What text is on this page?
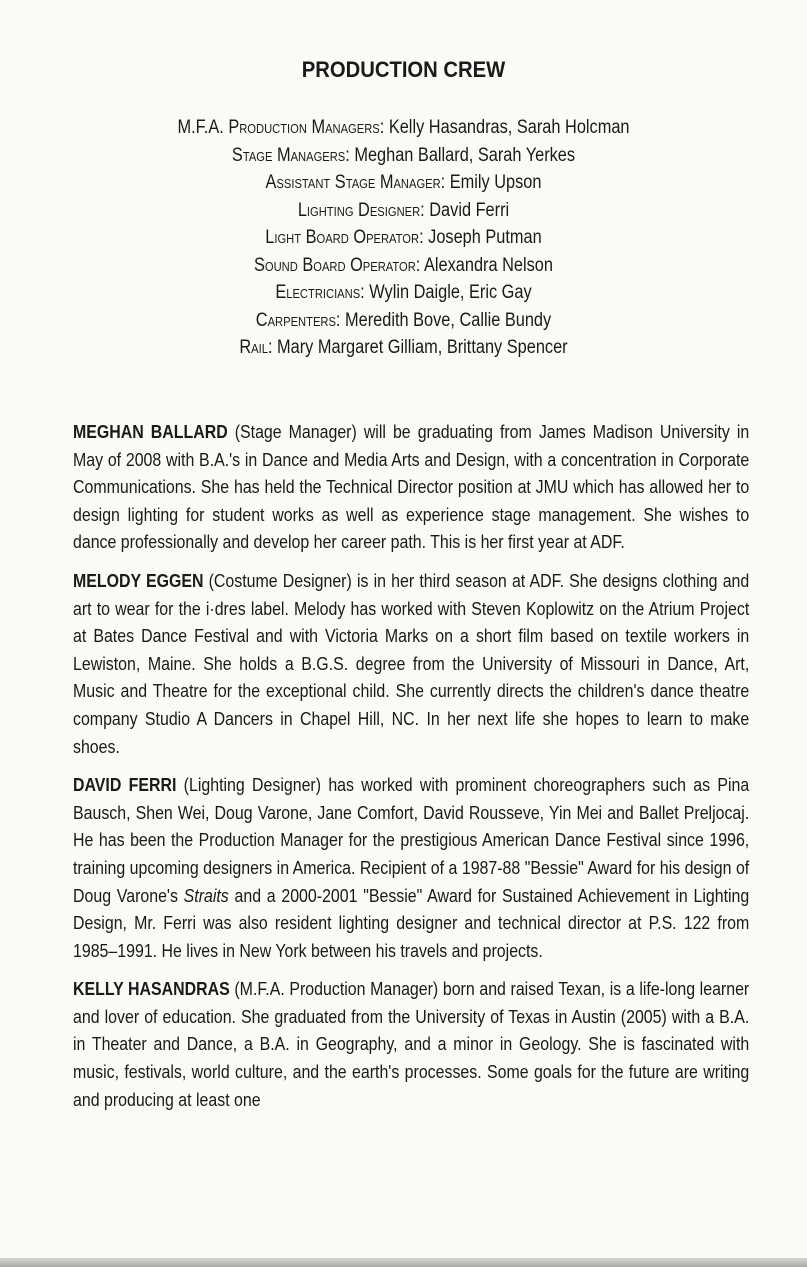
PRODUCTION CREW
M.F.A. Production Managers: Kelly Hasandras, Sarah Holcman
Stage Managers: Meghan Ballard, Sarah Yerkes
Assistant Stage Manager: Emily Upson
Lighting Designer: David Ferri
Light Board Operator: Joseph Putman
Sound Board Operator: Alexandra Nelson
Electricians: Wylin Daigle, Eric Gay
Carpenters: Meredith Bove, Callie Bundy
Rail: Mary Margaret Gilliam, Brittany Spencer

MEGHAN BALLARD (Stage Manager) will be graduating from James Madison University in May of 2008 with B.A.'s in Dance and Media Arts and Design, with a concentration in Corporate Communications. She has held the Technical Director position at JMU which has allowed her to design lighting for student works as well as experience stage management. She wishes to dance professionally and develop her career path. This is her first year at ADF.

MELODY EGGEN (Costume Designer) is in her third season at ADF. She designs clothing and art to wear for the i·dres label. Melody has worked with Steven Koplowitz on the Atrium Project at Bates Dance Festival and with Victoria Marks on a short film based on textile workers in Lewiston, Maine. She holds a B.G.S. degree from the University of Missouri in Dance, Art, Music and Theatre for the exceptional child. She currently directs the children's dance theatre company Studio A Dancers in Chapel Hill, NC. In her next life she hopes to learn to make shoes.

DAVID FERRI (Lighting Designer) has worked with prominent choreographers such as Pina Bausch, Shen Wei, Doug Varone, Jane Comfort, David Rousseve, Yin Mei and Ballet Preljocaj. He has been the Production Manager for the prestigious American Dance Festival since 1996, training upcoming designers in America. Recipient of a 1987-88 "Bessie" Award for his design of Doug Varone's Straits and a 2000-2001 "Bessie" Award for Sustained Achievement in Lighting Design, Mr. Ferri was also resident lighting designer and technical director at P.S. 122 from 1985–1991. He lives in New York between his travels and projects.

KELLY HASANDRAS (M.F.A. Production Manager) born and raised Texan, is a life-long learner and lover of education. She graduated from the University of Texas in Austin (2005) with a B.A. in Theater and Dance, a B.A. in Geography, and a minor in Geology. She is fascinated with music, festivals, world culture, and the earth's processes. Some goals for the future are writing and producing at least one
